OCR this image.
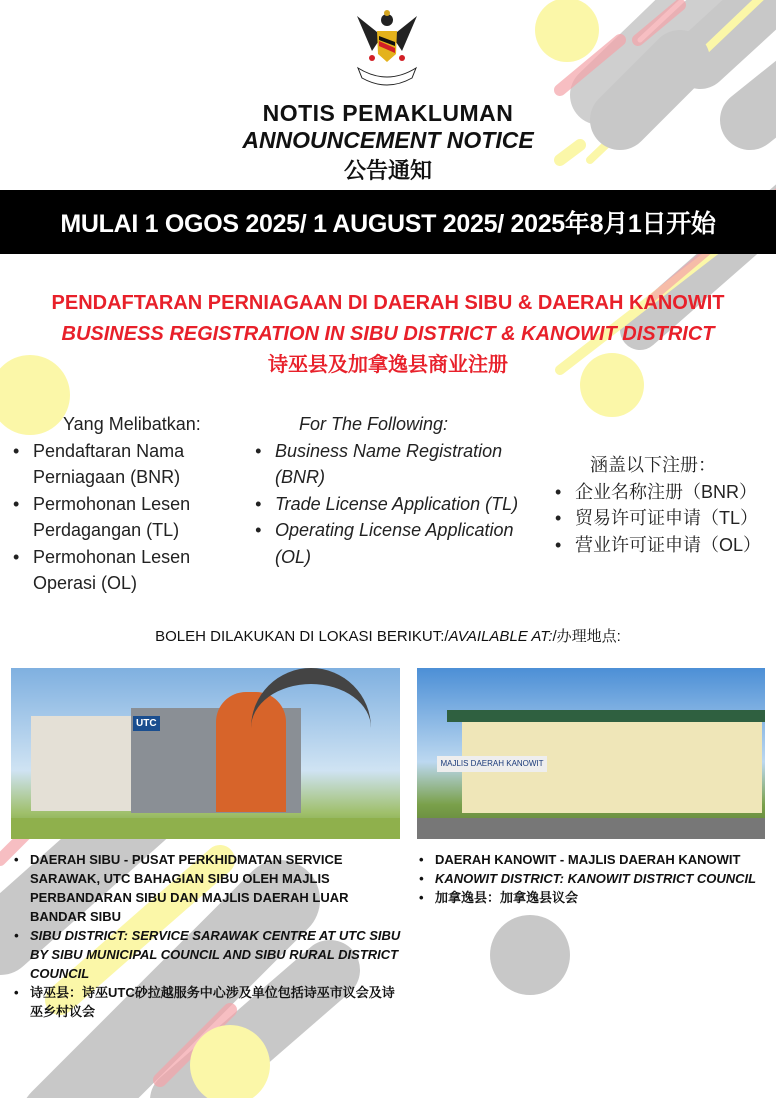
NOTIS PEMAKLUMAN
ANNOUNCEMENT NOTICE
公告通知
MULAI 1 OGOS 2025/ 1 AUGUST 2025/ 2025年8月1日开始
PENDAFTARAN PERNIAGAAN DI DAERAH SIBU & DAERAH KANOWIT
BUSINESS REGISTRATION IN SIBU DISTRICT & KANOWIT DISTRICT
诗巫县及加拿逸县商业注册
Yang Melibatkan:
• Pendaftaran Nama Perniagaan (BNR)
• Permohonan Lesen Perdagangan (TL)
• Permohonan Lesen Operasi (OL)
For The Following:
• Business Name Registration (BNR)
• Trade License Application (TL)
• Operating License Application (OL)
涵盖以下注册：
• 企业名称注册（BNR）
• 贸易许可证申请（TL）
• 营业许可证申请（OL）
BOLEH DILAKUKAN DI LOKASI BERIKUT:/AVAILABLE AT:/办理地点:
UTC
MAJLIS DAERAH KANOWIT
• DAERAH SIBU - PUSAT PERKHIDMATAN SERVICE SARAWAK, UTC BAHAGIAN SIBU OLEH MAJLIS PERBANDARAN SIBU DAN MAJLIS DAERAH LUAR BANDAR SIBU
• SIBU DISTRICT: SERVICE SARAWAK CENTRE AT UTC SIBU BY SIBU MUNICIPAL COUNCIL AND SIBU RURAL DISTRICT COUNCIL
• 诗巫县：诗巫UTC砂拉越服务中心涉及单位包括诗巫市议会及诗巫乡村议会
• DAERAH KANOWIT - MAJLIS DAERAH KANOWIT
• KANOWIT DISTRICT: KANOWIT DISTRICT COUNCIL
• 加拿逸县：加拿逸县议会
